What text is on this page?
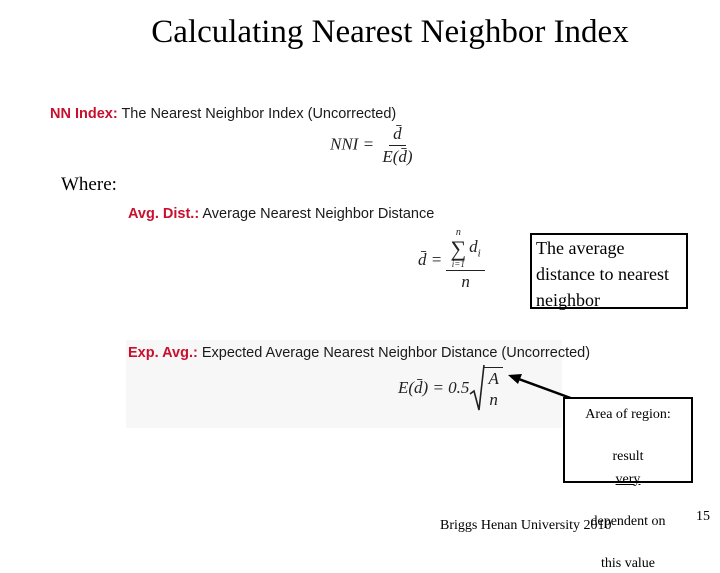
Calculating Nearest Neighbor Index
NN Index: The Nearest Neighbor Index (Uncorrected)
NNI = $\frac{d̄}{E(d̄)}$
Where:
Avg. Dist.: Average Nearest Neighbor Distance
d̄ = n
∑
i=1
$d_i$
n	The average
distance to nearest
neighbor
Exp. Avg.: Expected Average Nearest Neighbor Distance (Uncorrected)
E(d̄) = 0.5 A
n
Area of region:

result
very

dependent on

this value
Briggs Henan University 2010
15
